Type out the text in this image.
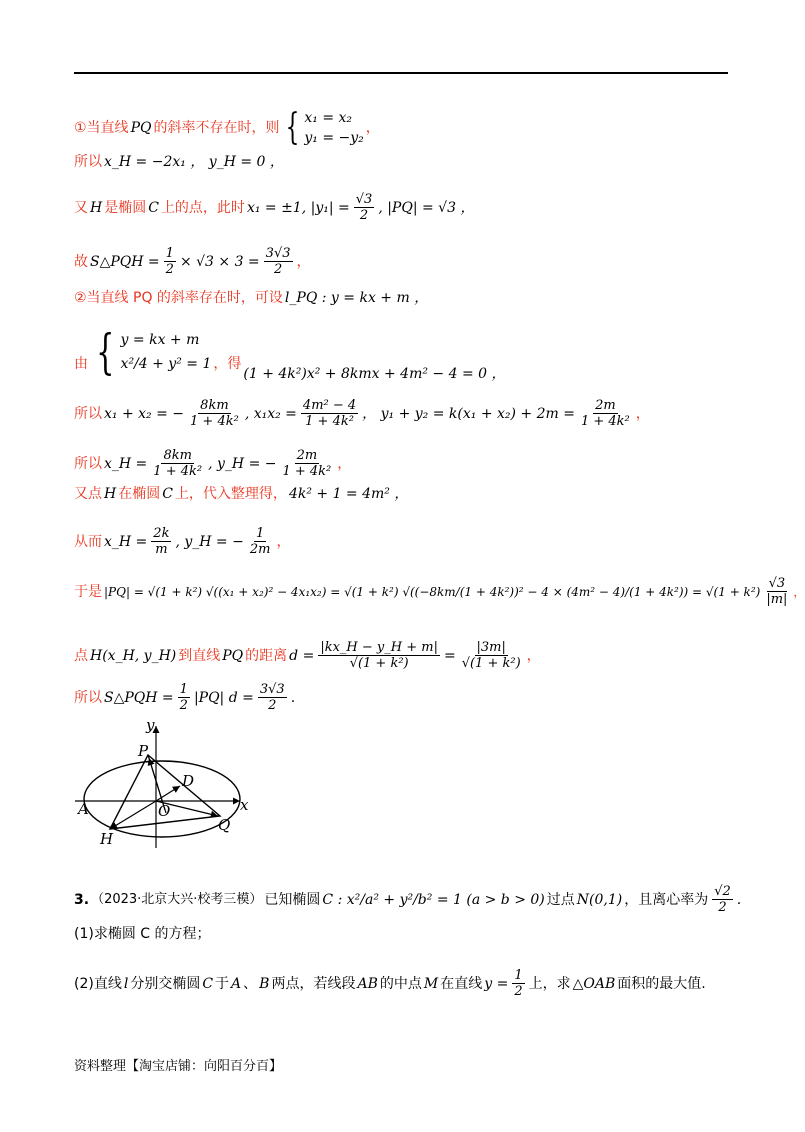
①当直线 PQ 的斜率不存在时，则 { x₁ = x₂
y₁ = −y₂
，
所以 x_H = −2x₁ ， y_H = 0 ，
又 H 是椭圆 C 上的点，此时 x₁ = ±1, $|y_1| = \frac{√3}{2}$ , |PQ| = √3 ，
故 S△PQH = $\frac{1}{2} \times √3 \times 3 = \frac{3√3}{2}$ ，
②当直线 PQ 的斜率存在时，可设 l_PQ : y = kx + m ，
由 { y = kx + m
x²/4 + y² = 1 ，得
(1 + 4k²)x² + 8kmx + 4m² − 4 = 0 ，
所以 x₁ + x₂ = − $\frac{8km}{\text{1 + 4k²}}$ , $x_1x_2 = \frac{\text{4m² − 4}}{\text{1 + 4k²}}$ ， $y_1 + y_2 = k(x_1 + x_2) + 2m = \frac{2m}{\text{1 + 4k²}}$ ，
所以 x_H = $\frac{8km}{\text{1 + 4k²}}$ , y_H = − $\frac{2m}{\text{1 + 4k²}}$ ，
又点 H 在椭圆 C 上，代入整理得， 4k² + 1 = 4m² ，
从而 x_H = $\frac{2k}{m}$ , y_H = − $\frac{1}{2m}$ ，
于是 |PQ| = √(1 + k²) √((x₁ + x₂)² − 4x₁x₂) = √(1 + k²) $√((-8km/(1 + 4k^2))^2 - 4 \times (4m^2 - 4)/(1 + 4k^2)) = √(1 + k^2) \frac{√3}{|m|}$ ，
点 H(x_H, y_H) 到直线 PQ 的距离 $d = \frac{|kx\_H - y\_H + m|}{\text{√(1 + k²)}} = \frac{|3m|}{\text{√(1 + k²)}}$ ，
所以 S△PQH = $\frac{1}{2} |PQ|$ $d = \frac{3√3}{2}$ .
y
x
P
D
A	O
Q
H
3. （2023·北京大兴·校考三模） 已知椭圆 C : x²/a² + y²/b² = 1 (a > b > 0) 过点 N(0,1) ，且离心率为 $\frac{√2}{2}$ .
(1)求椭圆 C 的方程；
(2)直线 l 分别交椭圆 C 于 A 、 B 两点，若线段 AB 的中点 M 在直线 $y = \frac{1}{2}$ 上，求 △OAB 面积的最大值.
资料整理【淘宝店铺：向阳百分百】
